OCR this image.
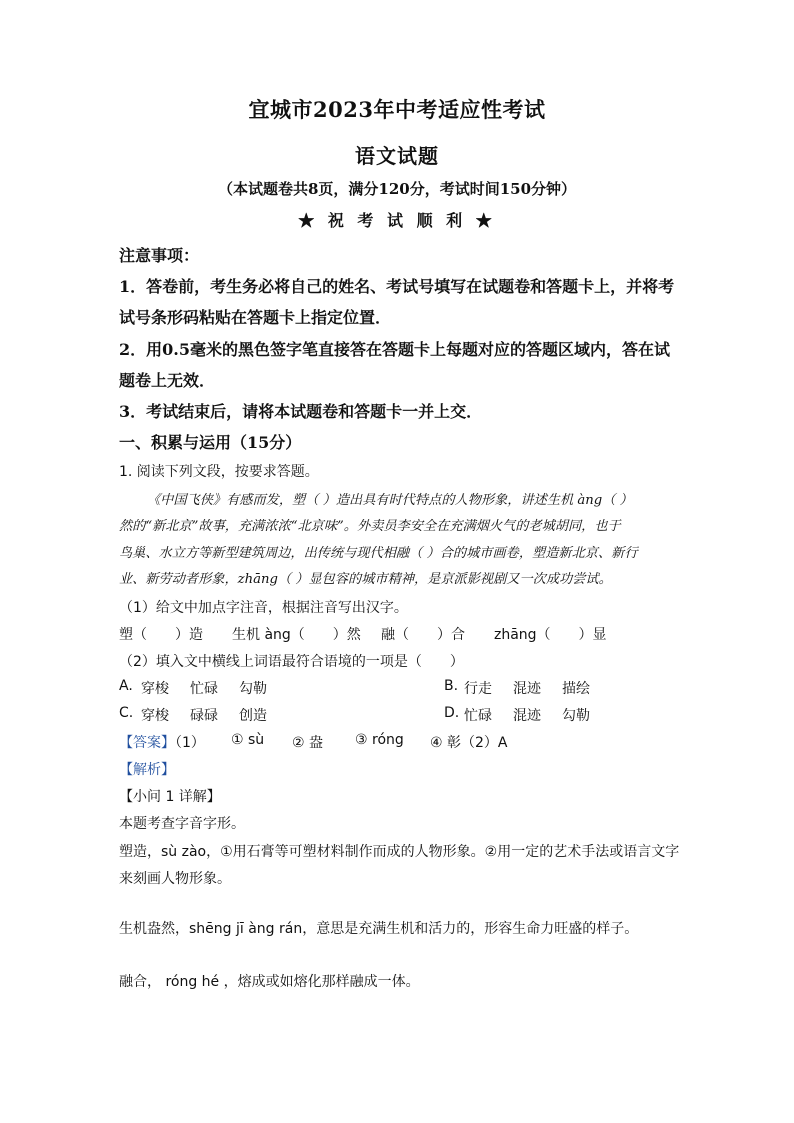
宜城市2023年中考适应性考试
语文试题
（本试题卷共8页，满分120分，考试时间150分钟）
★ 祝 考 试 顺 利 ★
注意事项：
1．答卷前，考生务必将自己的姓名、考试号填写在试题卷和答题卡上，并将考
试号条形码粘贴在答题卡上指定位置．
2．用0.5毫米的黑色签字笔直接答在答题卡上每题对应的答题区域内，答在试
题卷上无效．
3．考试结束后，请将本试题卷和答题卡一并上交．
一、积累与运用（15分）
1. 阅读下列文段，按要求答题。
《中国飞侠》有感而发，塑（ ）造出具有时代特点的人物形象，讲述生机 àng（ ）
然的“新北京”故事，充满浓浓“北京味”。外卖员李安全在充满烟火气的老城胡同，也于
鸟巢、水立方等新型建筑周边，出传统与现代相融（ ）合的城市画卷，塑造新北京、新行
业、新劳动者形象，zhāng（ ）显包容的城市精神，是京派影视剧又一次成功尝试。
（1）给文中加点字注音，根据注音写出汉字。
塑（　　）造 生机 àng（　　）然 融（　　）合 zhāng（　　）显
（2）填入文中横线上词语最符合语境的一项是（　　）
A. 穿梭 忙碌 勾勒	B. 行走 混迹 描绘
C. 穿梭 碌碌 创造	D. 忙碌 混迹 勾勒
【答案】（1） ① sù ② 盎 ③ róng ④ 彰（2）A
【解析】
【小问 1 详解】
本题考查字音字形。
塑造，sù zào，①用石膏等可塑材料制作而成的人物形象。②用一定的艺术手法或语言文字
来刻画人物形象。
生机盎然，shēng jī àng rán，意思是充满生机和活力的，形容生命力旺盛的样子。
融合， róng hé ，熔成或如熔化那样融成一体。
